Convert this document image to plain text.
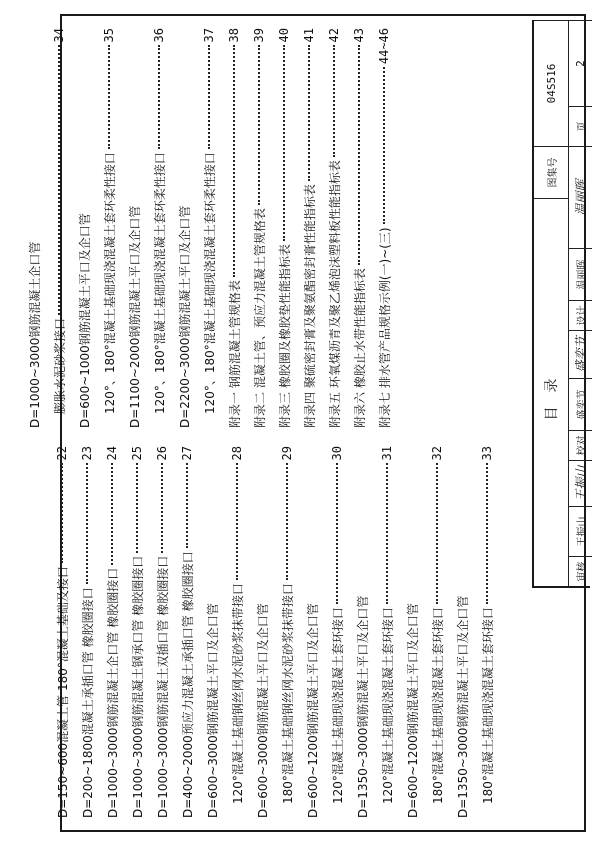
D=150~600混凝土管 180°混凝土基础及接口
22
D=200~1800混凝土承插口管 橡胶圈接口
23
D=1000~3000钢筋混凝土企口管 橡胶圈接口
24
D=1000~3000钢筋混凝土钢承口管 橡胶圈接口
25
D=1000~3000钢筋混凝土双插口管 橡胶圈接口
26
D=400~2000预应力混凝土承插口管 橡胶圈接口
27
D=600~3000钢筋混凝土平口及企口管 120°混凝土基础钢丝网水泥砂浆抹带接口
28
D=600~3000钢筋混凝土平口及企口管 180°混凝土基础钢丝网水泥砂浆抹带接口
29
D=600~1200钢筋混凝土平口及企口管 120°混凝土基础现浇混凝土套环接口
30
D=1350~3000钢筋混凝土平口及企口管 120°混凝土基础现浇混凝土套环接口
31
D=600~1200钢筋混凝土平口及企口管 180°混凝土基础现浇混凝土套环接口
32
D=1350~3000钢筋混凝土平口及企口管 180°混凝土基础现浇混凝土套环接口
33
D=1000~3000钢筋混凝土企口管 膨胀水泥砂浆接口
34
D=600~1000钢筋混凝土平口及企口管 120°、180°混凝土基础现浇混凝土套环柔性接口
35
D=1100~2000钢筋混凝土平口及企口管 120°、180°混凝土基础现浇混凝土套环柔性接口
36
D=2200~3000钢筋混凝土平口及企口管 120°、180°混凝土基础现浇混凝土套环柔性接口
37
附录一 钢筋混凝土管规格表
38
附录二 混凝土管、预应力混凝土管规格表
39
附录三 橡胶圈及橡胶垫性能指标表
40
附录四 聚硫密封膏及聚氨酯密封膏性能指标表
41
附录五 环氧煤沥青及聚乙烯泡沫塑料板性能指标表
42
附录六 橡胶止水带性能指标表
43
附录七 排水管产品规格示例(一)~(三)
44~46
目录
图集号
04S516
审核
王振山
王振山
校对
盛奕节
盛奕节
设计
温丽晖
温丽晖
页
2
